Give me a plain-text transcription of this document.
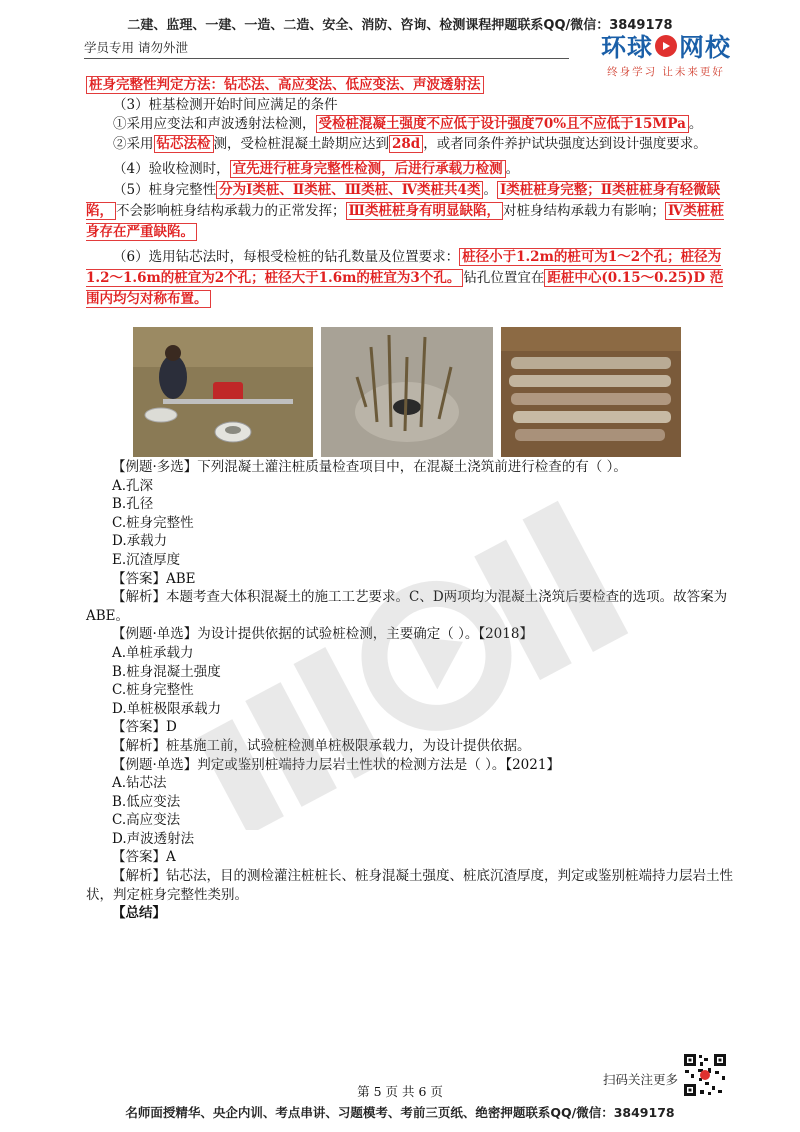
二建、监理、一建、一造、二造、安全、消防、咨询、检测课程押题联系QQ/微信：3849178
学员专用 请勿外泄	环球 网校
终身学习 让未来更好

桩身完整性判定方法：钻芯法、高应变法、低应变法、声波透射法

（3）桩基检测开始时间应满足的条件

①采用应变法和声波透射法检测， 受检桩混凝土强度不应低于设计强度70%且不应低于15MPa 。

②采用 钻芯法检 测，受检桩混凝土龄期应达到 28d ，或者同条件养护试块强度达到设计强度要求。

（4）验收检测时， 宜先进行桩身完整性检测，后进行承载力检测 。

（5）桩身完整性 分为Ⅰ类桩、Ⅱ类桩、Ⅲ类桩、Ⅳ类桩共4类 。 Ⅰ类桩桩身完整；Ⅱ类桩桩身有轻微缺陷， 不会影响桩身结构承载力的正常发挥； Ⅲ类桩桩身有明显缺陷， 对桩身结构承载力有影响； Ⅳ类桩桩身存在严重缺陷。

（6）选用钻芯法时，每根受检桩的钻孔数量及位置要求： 桩径小于1.2m的桩可为1～2个孔；桩径为1.2～1.6m的桩宜为2个孔；桩径大于1.6m的桩宜为3个孔。 钻孔位置宜在 距桩中心(0.15～0.25)D 范围内均匀对称布置。

【例题·多选】下列混凝土灌注桩质量检查项目中，在混凝土浇筑前进行检查的有（ ）。

A.孔深

B.孔径

C.桩身完整性

D.承载力

E.沉渣厚度

【答案】ABE

【解析】本题考查大体积混凝土的施工工艺要求。C、D两项均为混凝土浇筑后要检查的选项。故答案为ABE。

【例题·单选】为设计提供依据的试验桩检测，主要确定（ ）。【2018】

A.单桩承载力

B.桩身混凝土强度

C.桩身完整性

D.单桩极限承载力

【答案】D

【解析】桩基施工前，试验桩检测单桩极限承载力，为设计提供依据。

【例题·单选】判定或鉴别桩端持力层岩土性状的检测方法是（ ）。【2021】

A.钻芯法

B.低应变法

C.高应变法

D.声波透射法

【答案】A

【解析】钻芯法，目的测检灌注桩桩长、桩身混凝土强度、桩底沉渣厚度，判定或鉴别桩端持力层岩土性状，判定桩身完整性类别。

【总结】

扫码关注更多
第 5 页 共 6 页
名师面授精华、央企内训、考点串讲、习题模考、考前三页纸、绝密押题联系QQ/微信：3849178
